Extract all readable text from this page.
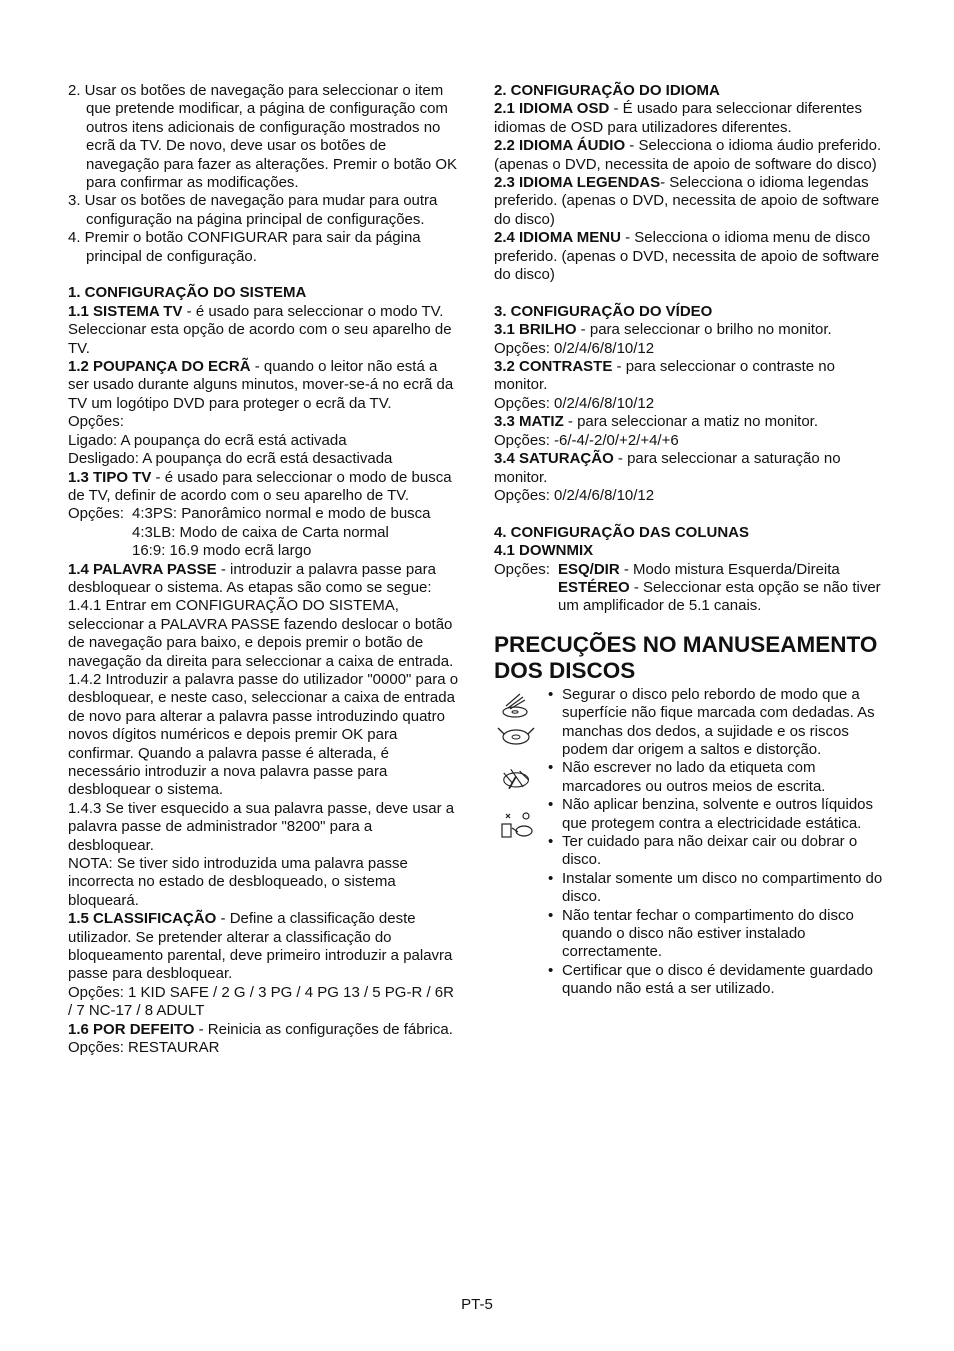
2. Usar os botões de navegação para seleccionar o item que pretende modificar, a página de configuração com outros itens adicionais de configuração mostrados no ecrã da TV. De novo, deve usar os botões de navegação para fazer as alterações. Premir o botão OK para confirmar as modificações.

3. Usar os botões de navegação para mudar para outra configuração na página principal de configurações.

4. Premir o botão CONFIGURAR para sair da página principal de configuração.

1. CONFIGURAÇÃO DO SISTEMA

1.1 SISTEMA TV - é usado para seleccionar o modo TV.

Seleccionar esta opção de acordo com o seu aparelho de TV.

1.2 POUPANÇA DO ECRÃ - quando o leitor não está a ser usado durante alguns minutos, mover-se-á no ecrã da TV um logótipo DVD para proteger o ecrã da TV.

Opções:

Ligado: A poupança do ecrã está activada

Desligado: A poupança do ecrã está desactivada

1.3 TIPO TV - é usado para seleccionar o modo de busca de TV, definir de acordo com o seu aparelho de TV.

Opções: 4:3PS: Panorâmico normal e modo de busca

4:3LB: Modo de caixa de Carta normal

16:9: 16.9 modo ecrã largo

1.4 PALAVRA PASSE - introduzir a palavra passe para desbloquear o sistema. As etapas são como se segue:

1.4.1 Entrar em CONFIGURAÇÃO DO SISTEMA, seleccionar a PALAVRA PASSE fazendo deslocar o botão de navegação para baixo, e depois premir o botão de navegação da direita para seleccionar a caixa de entrada.

1.4.2 Introduzir a palavra passe do utilizador "0000" para o desbloquear, e neste caso, seleccionar a caixa de entrada de novo para alterar a palavra passe introduzindo quatro novos dígitos numéricos e depois premir OK para confirmar. Quando a palavra passe é alterada, é necessário introduzir a nova palavra passe para desbloquear o sistema.

1.4.3 Se tiver esquecido a sua palavra passe, deve usar a palavra passe de administrador "8200" para a desbloquear.

NOTA: Se tiver sido introduzida uma palavra passe incorrecta no estado de desbloqueado, o sistema bloqueará.

1.5 CLASSIFICAÇÃO - Define a classificação deste utilizador. Se pretender alterar a classificação do bloqueamento parental, deve primeiro introduzir a palavra passe para desbloquear.

Opções: 1 KID SAFE / 2 G / 3 PG / 4 PG 13 / 5 PG-R / 6R / 7 NC-17 / 8 ADULT

1.6 POR DEFEITO - Reinicia as configurações de fábrica.

Opções: RESTAURAR

2. CONFIGURAÇÃO DO IDIOMA

2.1 IDIOMA OSD - É usado para seleccionar diferentes idiomas de OSD para utilizadores diferentes.

2.2 IDIOMA ÁUDIO - Selecciona o idioma áudio preferido. (apenas o DVD, necessita de apoio de software do disco)

2.3 IDIOMA LEGENDAS- Selecciona o idioma legendas preferido. (apenas o DVD, necessita de apoio de software do disco)

2.4 IDIOMA MENU - Selecciona o idioma menu de disco preferido. (apenas o DVD, necessita de apoio de software do disco)

3. CONFIGURAÇÃO DO VÍDEO

3.1 BRILHO - para seleccionar o brilho no monitor.

Opções: 0/2/4/6/8/10/12

3.2 CONTRASTE - para seleccionar o contraste no monitor.

Opções: 0/2/4/6/8/10/12

3.3 MATIZ - para seleccionar a matiz no monitor.

Opções: -6/-4/-2/0/+2/+4/+6

3.4 SATURAÇÃO - para seleccionar a saturação no monitor.

Opções: 0/2/4/6/8/10/12

4. CONFIGURAÇÃO DAS COLUNAS

4.1 DOWNMIX

Opções: ESQ/DIR - Modo mistura Esquerda/Direita

ESTÉREO - Seleccionar esta opção se não tiver um amplificador de 5.1 canais.

PRECUÇÕES NO MANUSEAMENTO DOS DISCOS

• Segurar o disco pelo rebordo de modo que a superfície não fique marcada com dedadas. As manchas dos dedos, a sujidade e os riscos podem dar origem a saltos e distorção.

• Não escrever no lado da etiqueta com marcadores ou outros meios de escrita.

• Não aplicar benzina, solvente e outros líquidos que protegem contra a electricidade estática.

• Ter cuidado para não deixar cair ou dobrar o disco.

• Instalar somente um disco no compartimento do disco.

• Não tentar fechar o compartimento do disco quando o disco não estiver instalado correctamente.

• Certificar que o disco é devidamente guardado quando não está a ser utilizado.

PT-5
